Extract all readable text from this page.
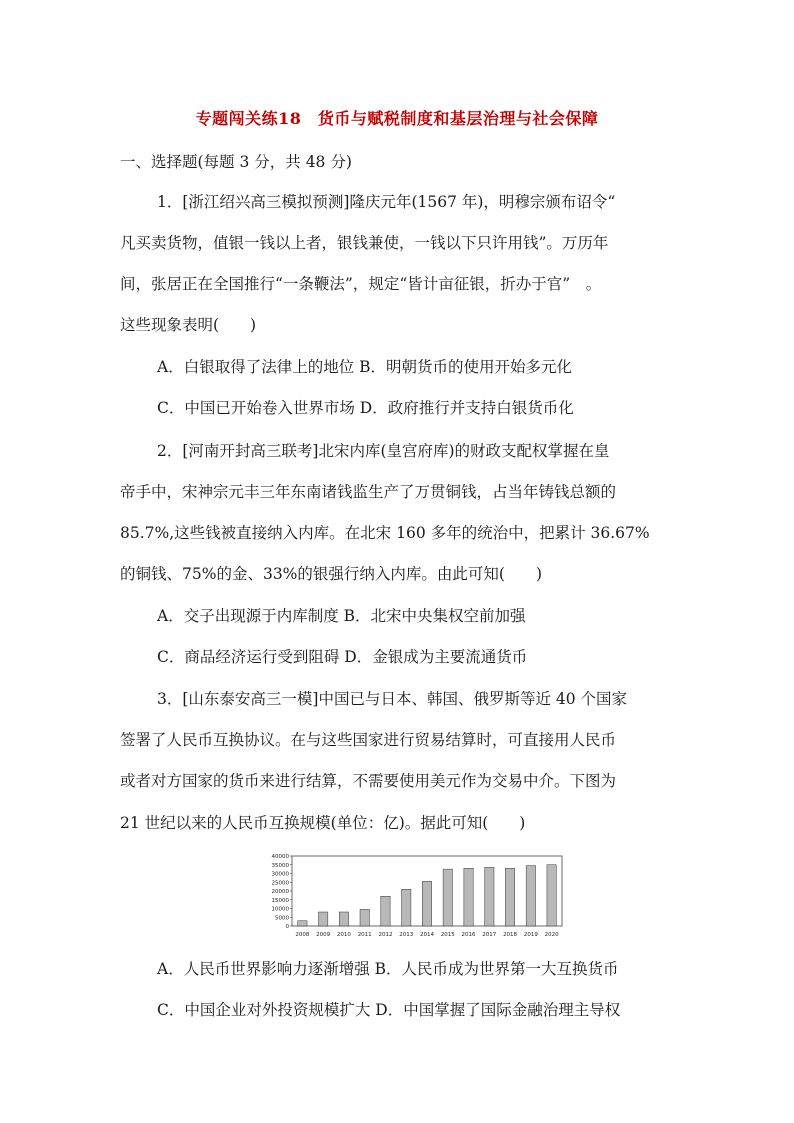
专题闯关练18　货币与赋税制度和基层治理与社会保障
一、选择题(每题 3 分，共 48 分)
1．[浙江绍兴高三模拟预测]隆庆元年(1567 年)，明穆宗颁布诏令“
凡买卖货物，值银一钱以上者，银钱兼使，一钱以下只许用钱”。万历年
间，张居正在全国推行“一条鞭法”，规定“皆计亩征银，折办于官”　。
这些现象表明(　　)
A．白银取得了法律上的地位 B．明朝货币的使用开始多元化
C．中国已开始卷入世界市场 D．政府推行并支持白银货币化
2．[河南开封高三联考]北宋内库(皇宫府库)的财政支配权掌握在皇
帝手中，宋神宗元丰三年东南诸钱监生产了万贯铜钱，占当年铸钱总额的
85.7%,这些钱被直接纳入内库。在北宋 160 多年的统治中，把累计 36.67%
的铜钱、75%的金、33%的银强行纳入内库。由此可知(　　)
A．交子出现源于内库制度 B．北宋中央集权空前加强
C．商品经济运行受到阻碍 D．金银成为主要流通货币
3．[山东泰安高三一模]中国已与日本、韩国、俄罗斯等近 40 个国家
签署了人民币互换协议。在与这些国家进行贸易结算时，可直接用人民币
或者对方国家的货币来进行结算，不需要使用美元作为交易中介。下图为
21 世纪以来的人民币互换规模(单位：亿)。据此可知(　　)
0
5000
10000
15000
20000
25000
30000
35000
40000
2008 2009 2010 2011 2012 2013 2014 2015 2016 2017 2018 2019 2020
A．人民币世界影响力逐渐增强 B．人民币成为世界第一大互换货币
C．中国企业对外投资规模扩大 D．中国掌握了国际金融治理主导权
